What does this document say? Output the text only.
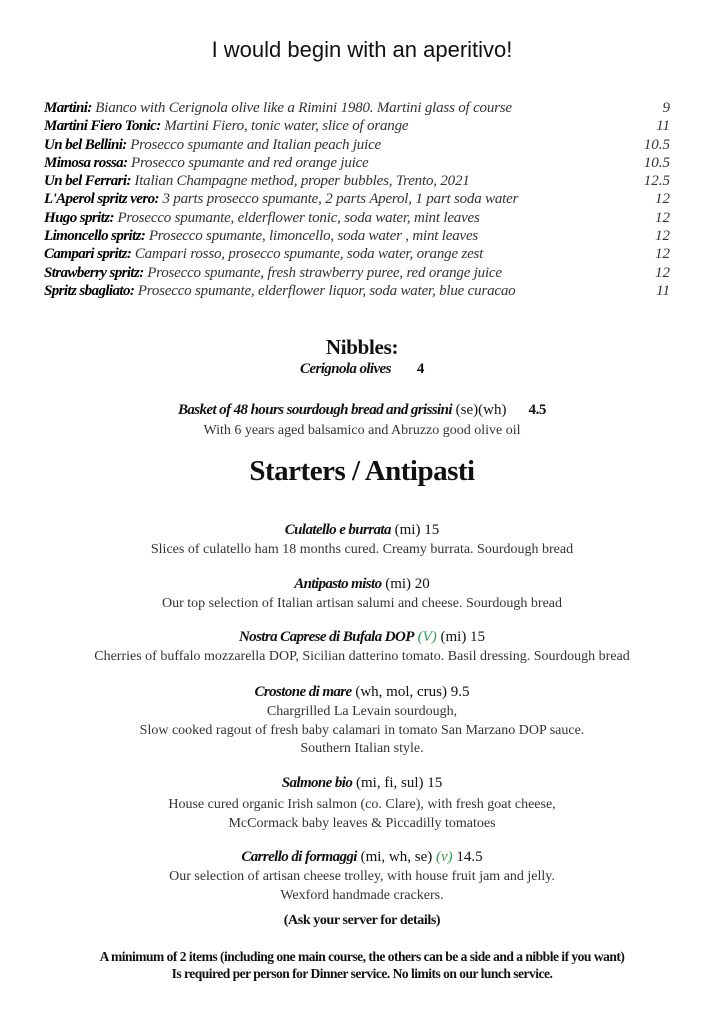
I would begin with an aperitivo!
Martini: Bianco with Cerignola olive like a Rimini 1980. Martini glass of course	9
Martini Fiero Tonic: Martini Fiero, tonic water, slice of orange	11
Un bel Bellini: Prosecco spumante and Italian peach juice	10.5
Mimosa rossa: Prosecco spumante and red orange juice	10.5
Un bel Ferrari: Italian Champagne method, proper bubbles, Trento, 2021	12.5
L'Aperol spritz vero: 3 parts prosecco spumante, 2 parts Aperol, 1 part soda water	12
Hugo spritz: Prosecco spumante, elderflower tonic, soda water, mint leaves	12
Limoncello spritz: Prosecco spumante, limoncello, soda water , mint leaves	12
Campari spritz: Campari rosso, prosecco spumante, soda water, orange zest	12
Strawberry spritz: Prosecco spumante, fresh strawberry puree, red orange juice	12
Spritz sbagliato: Prosecco spumante, elderflower liquor, soda water, blue curacao	11
Nibbles:
Cerignola olives 4
Basket of 48 hours sourdough bread and grissini (se)(wh) 4.5
With 6 years aged balsamico and Abruzzo good olive oil
Starters / Antipasti
Culatello e burrata (mi) 15
Slices of culatello ham 18 months cured. Creamy burrata. Sourdough bread
Antipasto misto (mi) 20
Our top selection of Italian artisan salumi and cheese. Sourdough bread
Nostra Caprese di Bufala DOP (V) (mi) 15
Cherries of buffalo mozzarella DOP, Sicilian datterino tomato. Basil dressing. Sourdough bread
Crostone di mare (wh, mol, crus) 9.5
Chargrilled La Levain sourdough,
Slow cooked ragout of fresh baby calamari in tomato San Marzano DOP sauce.
Southern Italian style.
Salmone bio (mi, fi, sul) 15
House cured organic Irish salmon (co. Clare), with fresh goat cheese,
McCormack baby leaves & Piccadilly tomatoes
Carrello di formaggi (mi, wh, se) (v) 14.5
Our selection of artisan cheese trolley, with house fruit jam and jelly.
Wexford handmade crackers.
(Ask your server for details)
A minimum of 2 items (including one main course, the others can be a side and a nibble if you want)
Is required per person for Dinner service. No limits on our lunch service.
